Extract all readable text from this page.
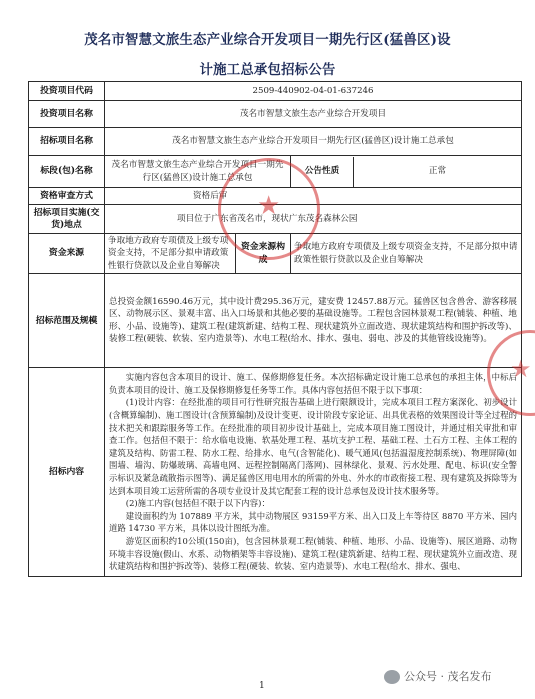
茂名市智慧文旅生态产业综合开发项目一期先行区(猛兽区)设
计施工总承包招标公告
投资项目代码	2509-440902-04-01-637246		
投资项目名称	茂名市智慧文旅生态产业综合开发项目		
招标项目名称	茂名市智慧文旅生态产业综合开发项目一期先行区(猛兽区)设计施工总承包		
标段(包)名称	茂名市智慧文旅生态产业综合开发项目一期先行区(猛兽区)设计施工总承包		公告性质 正常

资格审查方式	资格后审		
招标项目实施(交货)地点	项目位于广东省茂名市，现状广东茂名森林公园		
资金来源	争取地方政府专项债及上级专项资金支持，不足部分拟申请政策性银行贷款以及企业自筹解决	资金来源构成	争取地方政府专项债及上级专项资金支持，不足部分拟申请政策性银行贷款以及企业自筹解决
招标范围及规模	总投资金额16590.46万元，其中设计费295.36万元，建安费 12457.88万元。猛兽区包含兽舍、游客移展区、动物展示区、景观丰富、出入口场景和其他必要的基础设施等。工程包含园林景观工程(铺装、种植、地形、小品、设施等)、建筑工程(建筑新建、结构工程、现状建筑外立面改造、现状建筑结构和围护拆改等)、装修工程(硬装、软装、室内造景等)、水电工程(给水、排水、强电、弱电、涉及的其他管线设施等)。		
招标内容	实施内容包含本项目的设计、施工、保修期修复任务。本次招标确定设计施工总承包的承担主体，中标后负责本项目的设计、施工及保修期修复任务等工作。具体内容包括但不限于以下事项：

(1)设计内容：在经批准的项目可行性研究报告基础上进行限额设计，完成本项目工程方案深化、初步设计(含概算编制)、施工图设计(含预算编制)及设计变更、设计阶段专家论证、出具优表格的效果图设计等全过程的技术把关和跟踪服务等工作。在经批准的项目初步设计基础上，完成本项目施工图设计，并通过相关审批和审查工作。包括但不限于：给水临电设施、软基处理工程、基坑支护工程、基础工程、土石方工程、主体工程的建筑及结构、防雷工程、防水工程、给排水、电气(含智能化)、暖气通风(包括温湿度控制系统)、物理屏障(如围墙、墙沟、防爆玻璃、高墙电网、远程控制隔离门落网)、园林绿化、景观、污水处理、配电、标识(安全警示标识及紧急疏散指示图等)、满足猛兽区用电用水的所需的外电、外水的市政衔接工程、现有建筑及拆除等为达到本项目竣工运营所需的各项专业设计及其它配套工程的设计总承包及设计技术服务等。

(2)施工内容(包括但不限于以下内容)：

建设面积约为 107889 平方米，其中动物展区 93159平方米、出入口及上车等待区 8870 平方米、园内道路 14730 平方米，具体以设计图纸为准。

游览区面积约10公顷(150亩)，包含园林景观工程(铺装、种植、地形、小品、设施等)、展区道路、动物环境丰容设施(假山、水系、动物栖架等丰容设施)、建筑工程(建筑新建、结构工程、现状建筑外立面改造、现状建筑结构和围护拆改等)、装修工程(硬装、软装、室内造景等)、水电工程(给水、排水、强电、		

★
★
1
公众号 · 茂名发布
